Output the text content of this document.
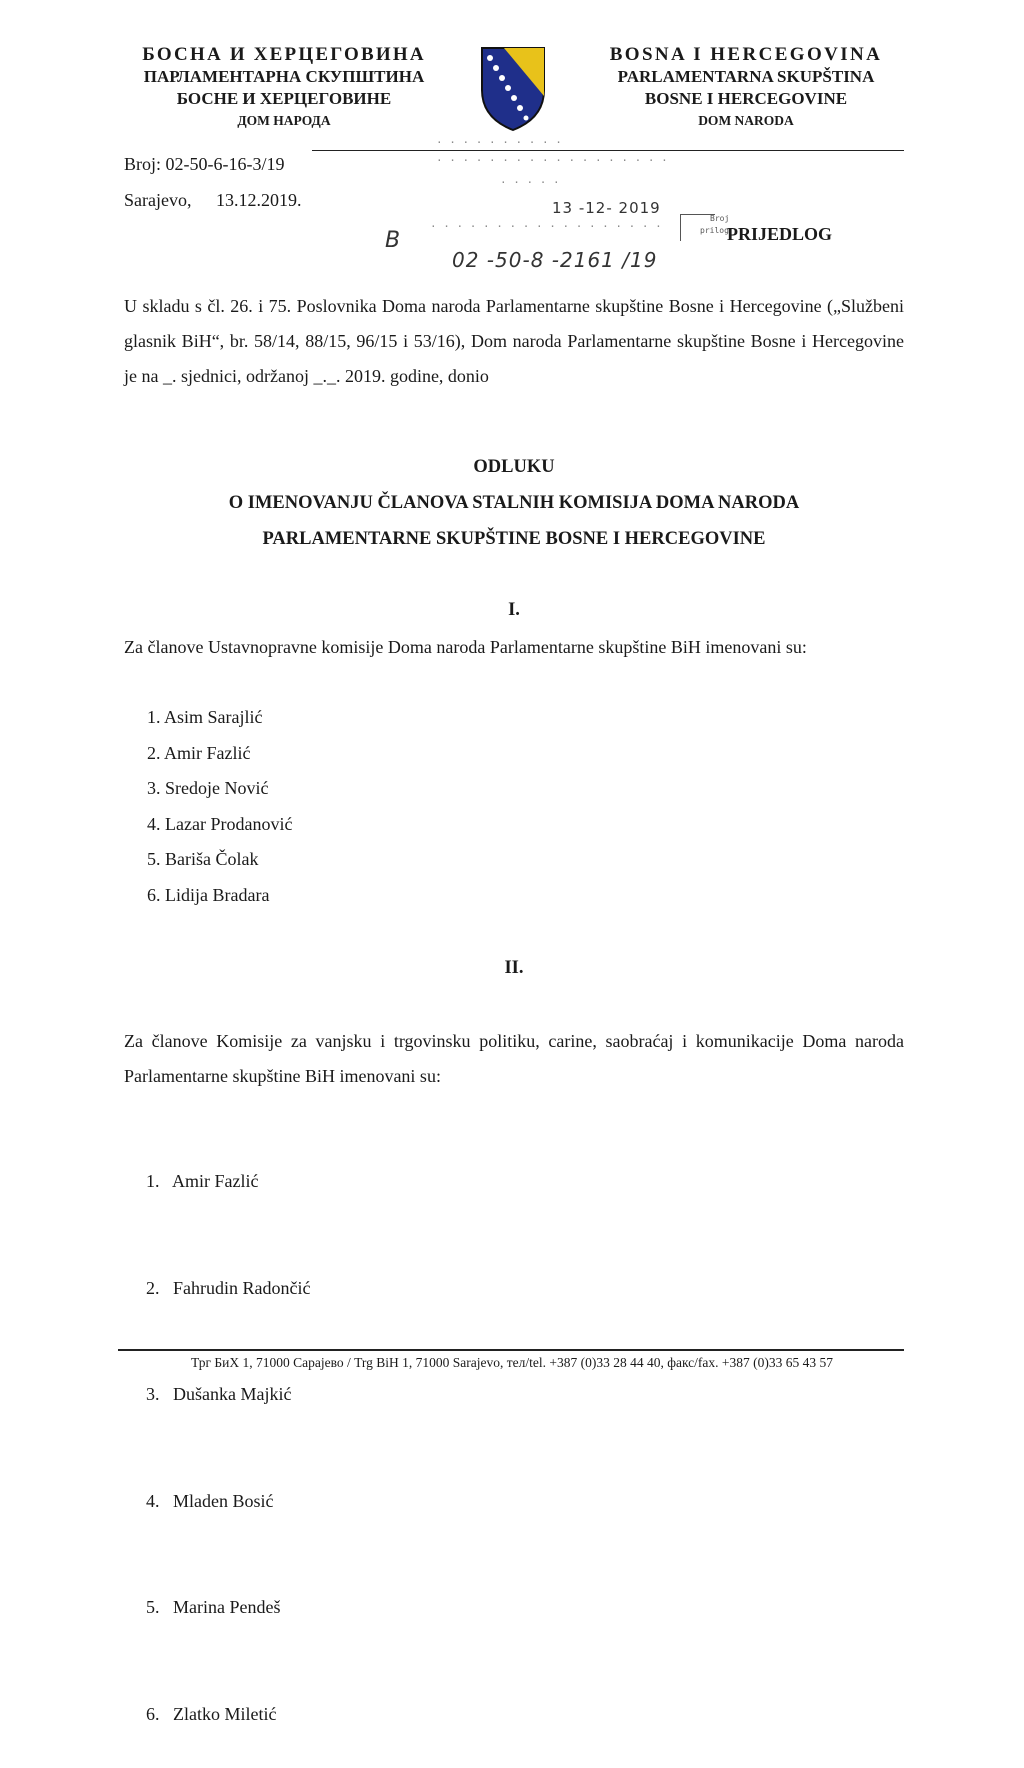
БОСНА И ХЕРЦЕГОВИНА
ПАРЛАМЕНТАРНА СКУПШТИНА
БОСНЕ И ХЕРЦЕГОВИНЕ
ДОМ НАРОДА
BOSNA I HERCEGOVINA
PARLAMENTARNA SKUPŠTINA
BOSNE I HERCEGOVINE
DOM NARODA
Broj: 02-50-6-16-3/19
Sarajevo, 13.12.2019.
· · · · · · · · · ·
· · · · · · · · · · · · · · · · · ·
· · · · ·
13 -12- 2019
· · · · · · · · · · · · · · · · · ·
Broj
prilog
B
02 -50-8 -2161 /19
PRIJEDLOG
U skladu s čl. 26. i 75. Poslovnika Doma naroda Parlamentarne skupštine Bosne i Hercegovine („Službeni glasnik BiH“, br. 58/14, 88/15, 96/15 i 53/16), Dom naroda Parlamentarne skupštine Bosne i Hercegovine je na _. sjednici, održanoj _._. 2019. godine, donio
ODLUKU
O IMENOVANJU ČLANOVA STALNIH KOMISIJA DOMA NARODA
PARLAMENTARNE SKUPŠTINE BOSNE I HERCEGOVINE
I.
Za članove Ustavnopravne komisije Doma naroda Parlamentarne skupštine BiH imenovani su:
1. Asim Sarajlić
2. Amir Fazlić
3. Sredoje Nović
4. Lazar Prodanović
5. Bariša Čolak
6. Lidija Bradara
II.
Za članove Komisije za vanjsku i trgovinsku politiku, carine, saobraćaj i komunikacije Doma naroda Parlamentarne skupštine BiH imenovani su:

1.   Amir Fazlić

2.   Fahrudin Radončić

3.   Dušanka Majkić

4.   Mladen Bosić

5.   Marina Pendeš

6.   Zlatko Miletić

Трг БиХ 1, 71000 Сарајево / Trg BiH 1, 71000 Sarajevo, тел/tel. +387 (0)33 28 44 40, факс/fax. +387 (0)33 65 43 57
